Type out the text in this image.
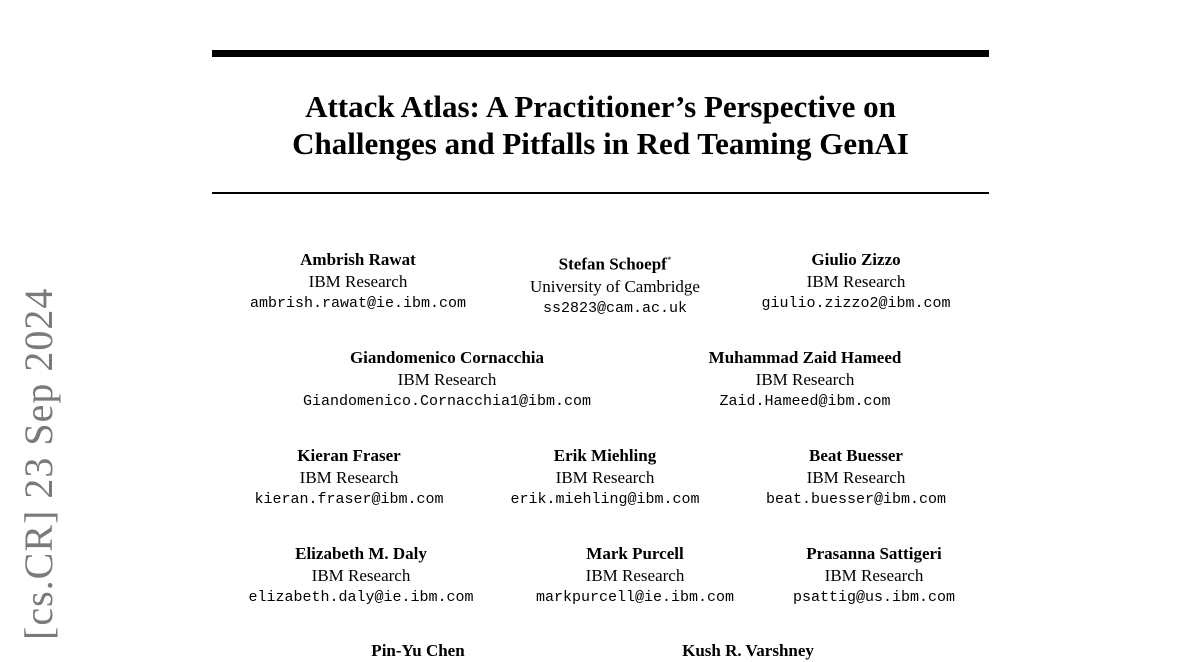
Attack Atlas: A Practitioner’s Perspective on
Challenges and Pitfalls in Red Teaming GenAI
[cs.CR] 23 Sep 2024
Ambrish Rawat
IBM Research
ambrish.rawat@ie.ibm.com
Stefan Schoepf*
University of Cambridge
ss2823@cam.ac.uk
Giulio Zizzo
IBM Research
giulio.zizzo2@ibm.com
Giandomenico Cornacchia
IBM Research
Giandomenico.Cornacchia1@ibm.com
Muhammad Zaid Hameed
IBM Research
Zaid.Hameed@ibm.com
Kieran Fraser
IBM Research
kieran.fraser@ibm.com
Erik Miehling
IBM Research
erik.miehling@ibm.com
Beat Buesser
IBM Research
beat.buesser@ibm.com
Elizabeth M. Daly
IBM Research
elizabeth.daly@ie.ibm.com
Mark Purcell
IBM Research
markpurcell@ie.ibm.com
Prasanna Sattigeri
IBM Research
psattig@us.ibm.com
Pin-Yu Chen	Kush R. Varshney
